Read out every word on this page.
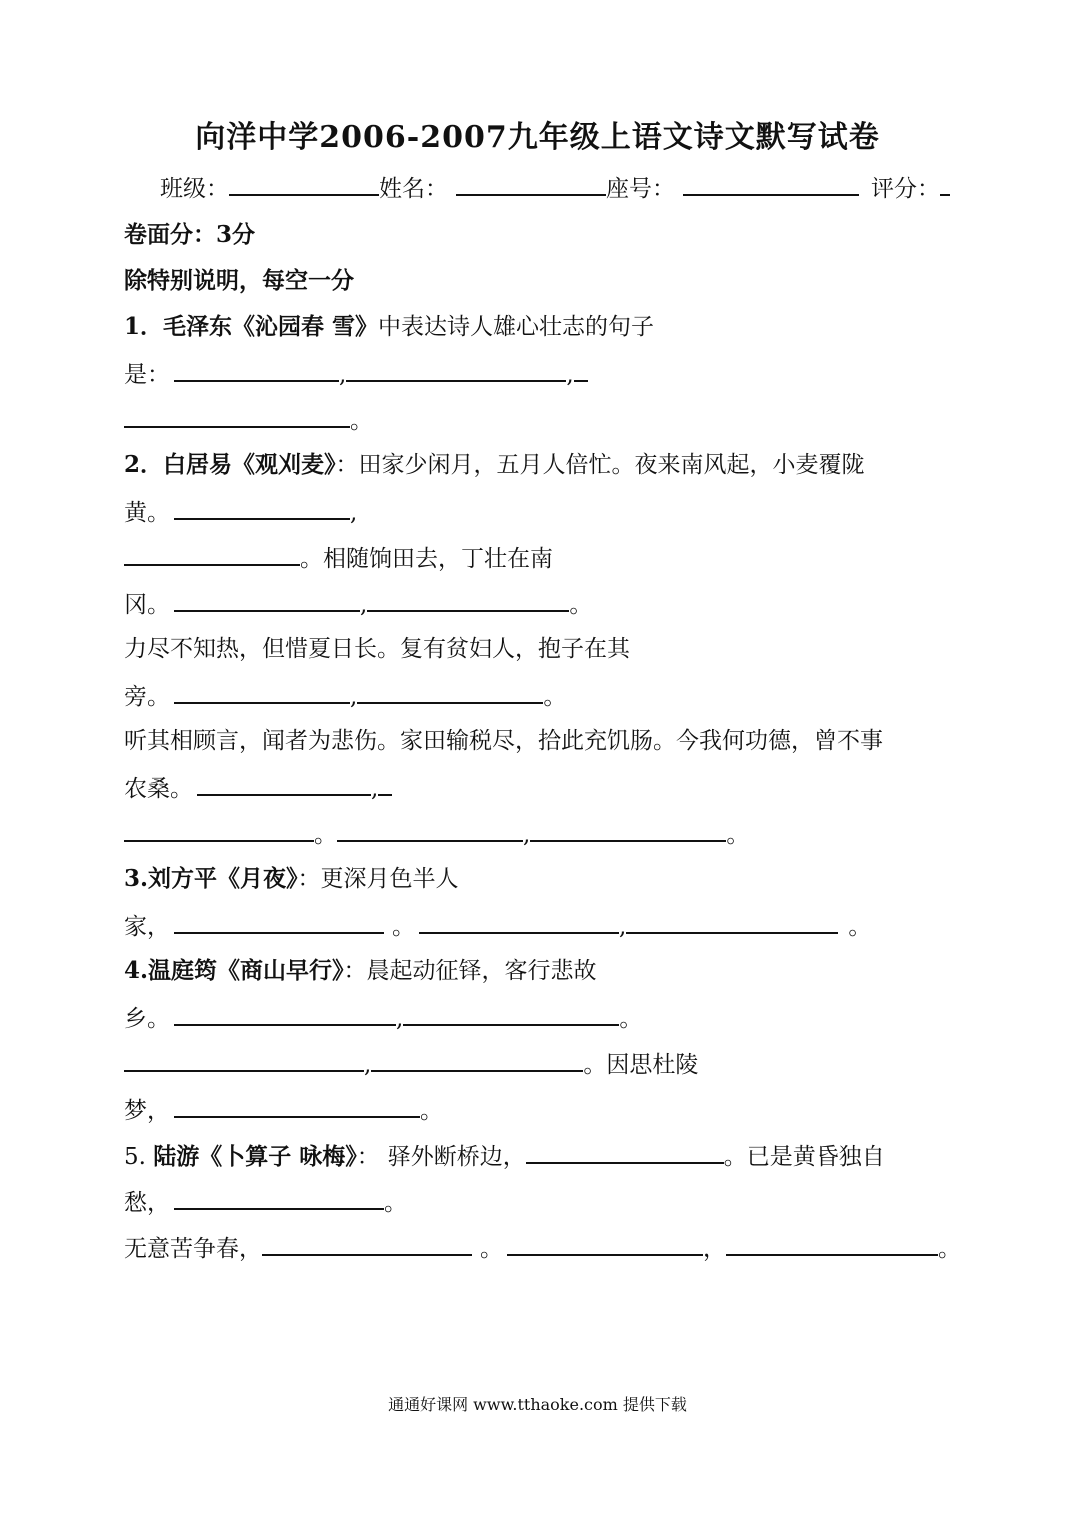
向洋中学2006-2007九年级上语文诗文默写试卷
班级：	姓名：	座号：	评分：
卷面分：3分
除特别说明，每空一分
1．毛泽东《沁园春 雪》中表达诗人雄心壮志的句子
是：	,	,
。
2．白居易《观刈麦》：田家少闲月，五月人倍忙。夜来南风起，小麦覆陇
黄。	,
。相随饷田去，丁壮在南
冈。	,	。
力尽不知热，但惜夏日长。复有贫妇人，抱子在其
旁。	,	。
听其相顾言，闻者为悲伤。家田输税尽，拾此充饥肠。今我何功德，曾不事
农桑。	,
。	,	。
3.刘方平《月夜》：更深月色半人
家，	。	,	。
4.温庭筠《商山早行》：晨起动征铎，客行悲故
乡。	,	。
,	。因思杜陵
梦，	。
5. 陆游《卜算子 咏梅》： 驿外断桥边，	。已是黄昏独自
愁，	。
无意苦争春，	。	，	。
通通好课网 www.tthaoke.com 提供下载
